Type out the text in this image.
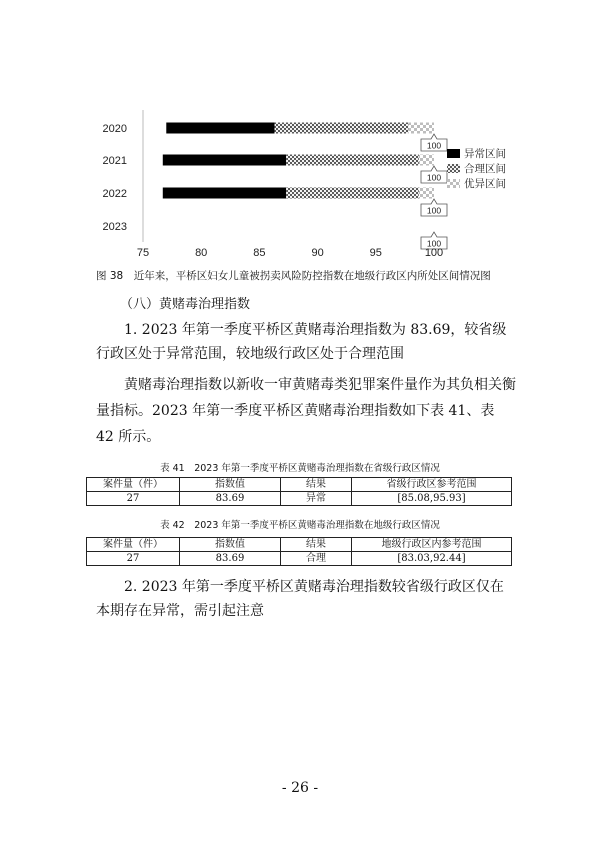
100
100
100
100
2020
2021
2022
2023
75	80	85	90	95	100
异常区间
合理区间
优异区间
图 38　近年来，平桥区妇女儿童被拐卖风险防控指数在地级行政区内所处区间情况图
（八）黄赌毒治理指数
1. 2023 年第一季度平桥区黄赌毒治理指数为 83.69，较省级行政区处于异常范围，较地级行政区处于合理范围
黄赌毒治理指数以新收一审黄赌毒类犯罪案件量作为其负相关衡量指标。2023 年第一季度平桥区黄赌毒治理指数如下表 41、表 42 所示。
表 41　2023 年第一季度平桥区黄赌毒治理指数在省级行政区情况
案件量（件）	指数值	结果	省级行政区参考范围
27	83.69	异常	[85.08,95.93]
表 42　2023 年第一季度平桥区黄赌毒治理指数在地级行政区情况
案件量（件）	指数值	结果	地级行政区内参考范围
27	83.69	合理	[83.03,92.44]
2. 2023 年第一季度平桥区黄赌毒治理指数较省级行政区仅在本期存在异常，需引起注意
- 26 -
